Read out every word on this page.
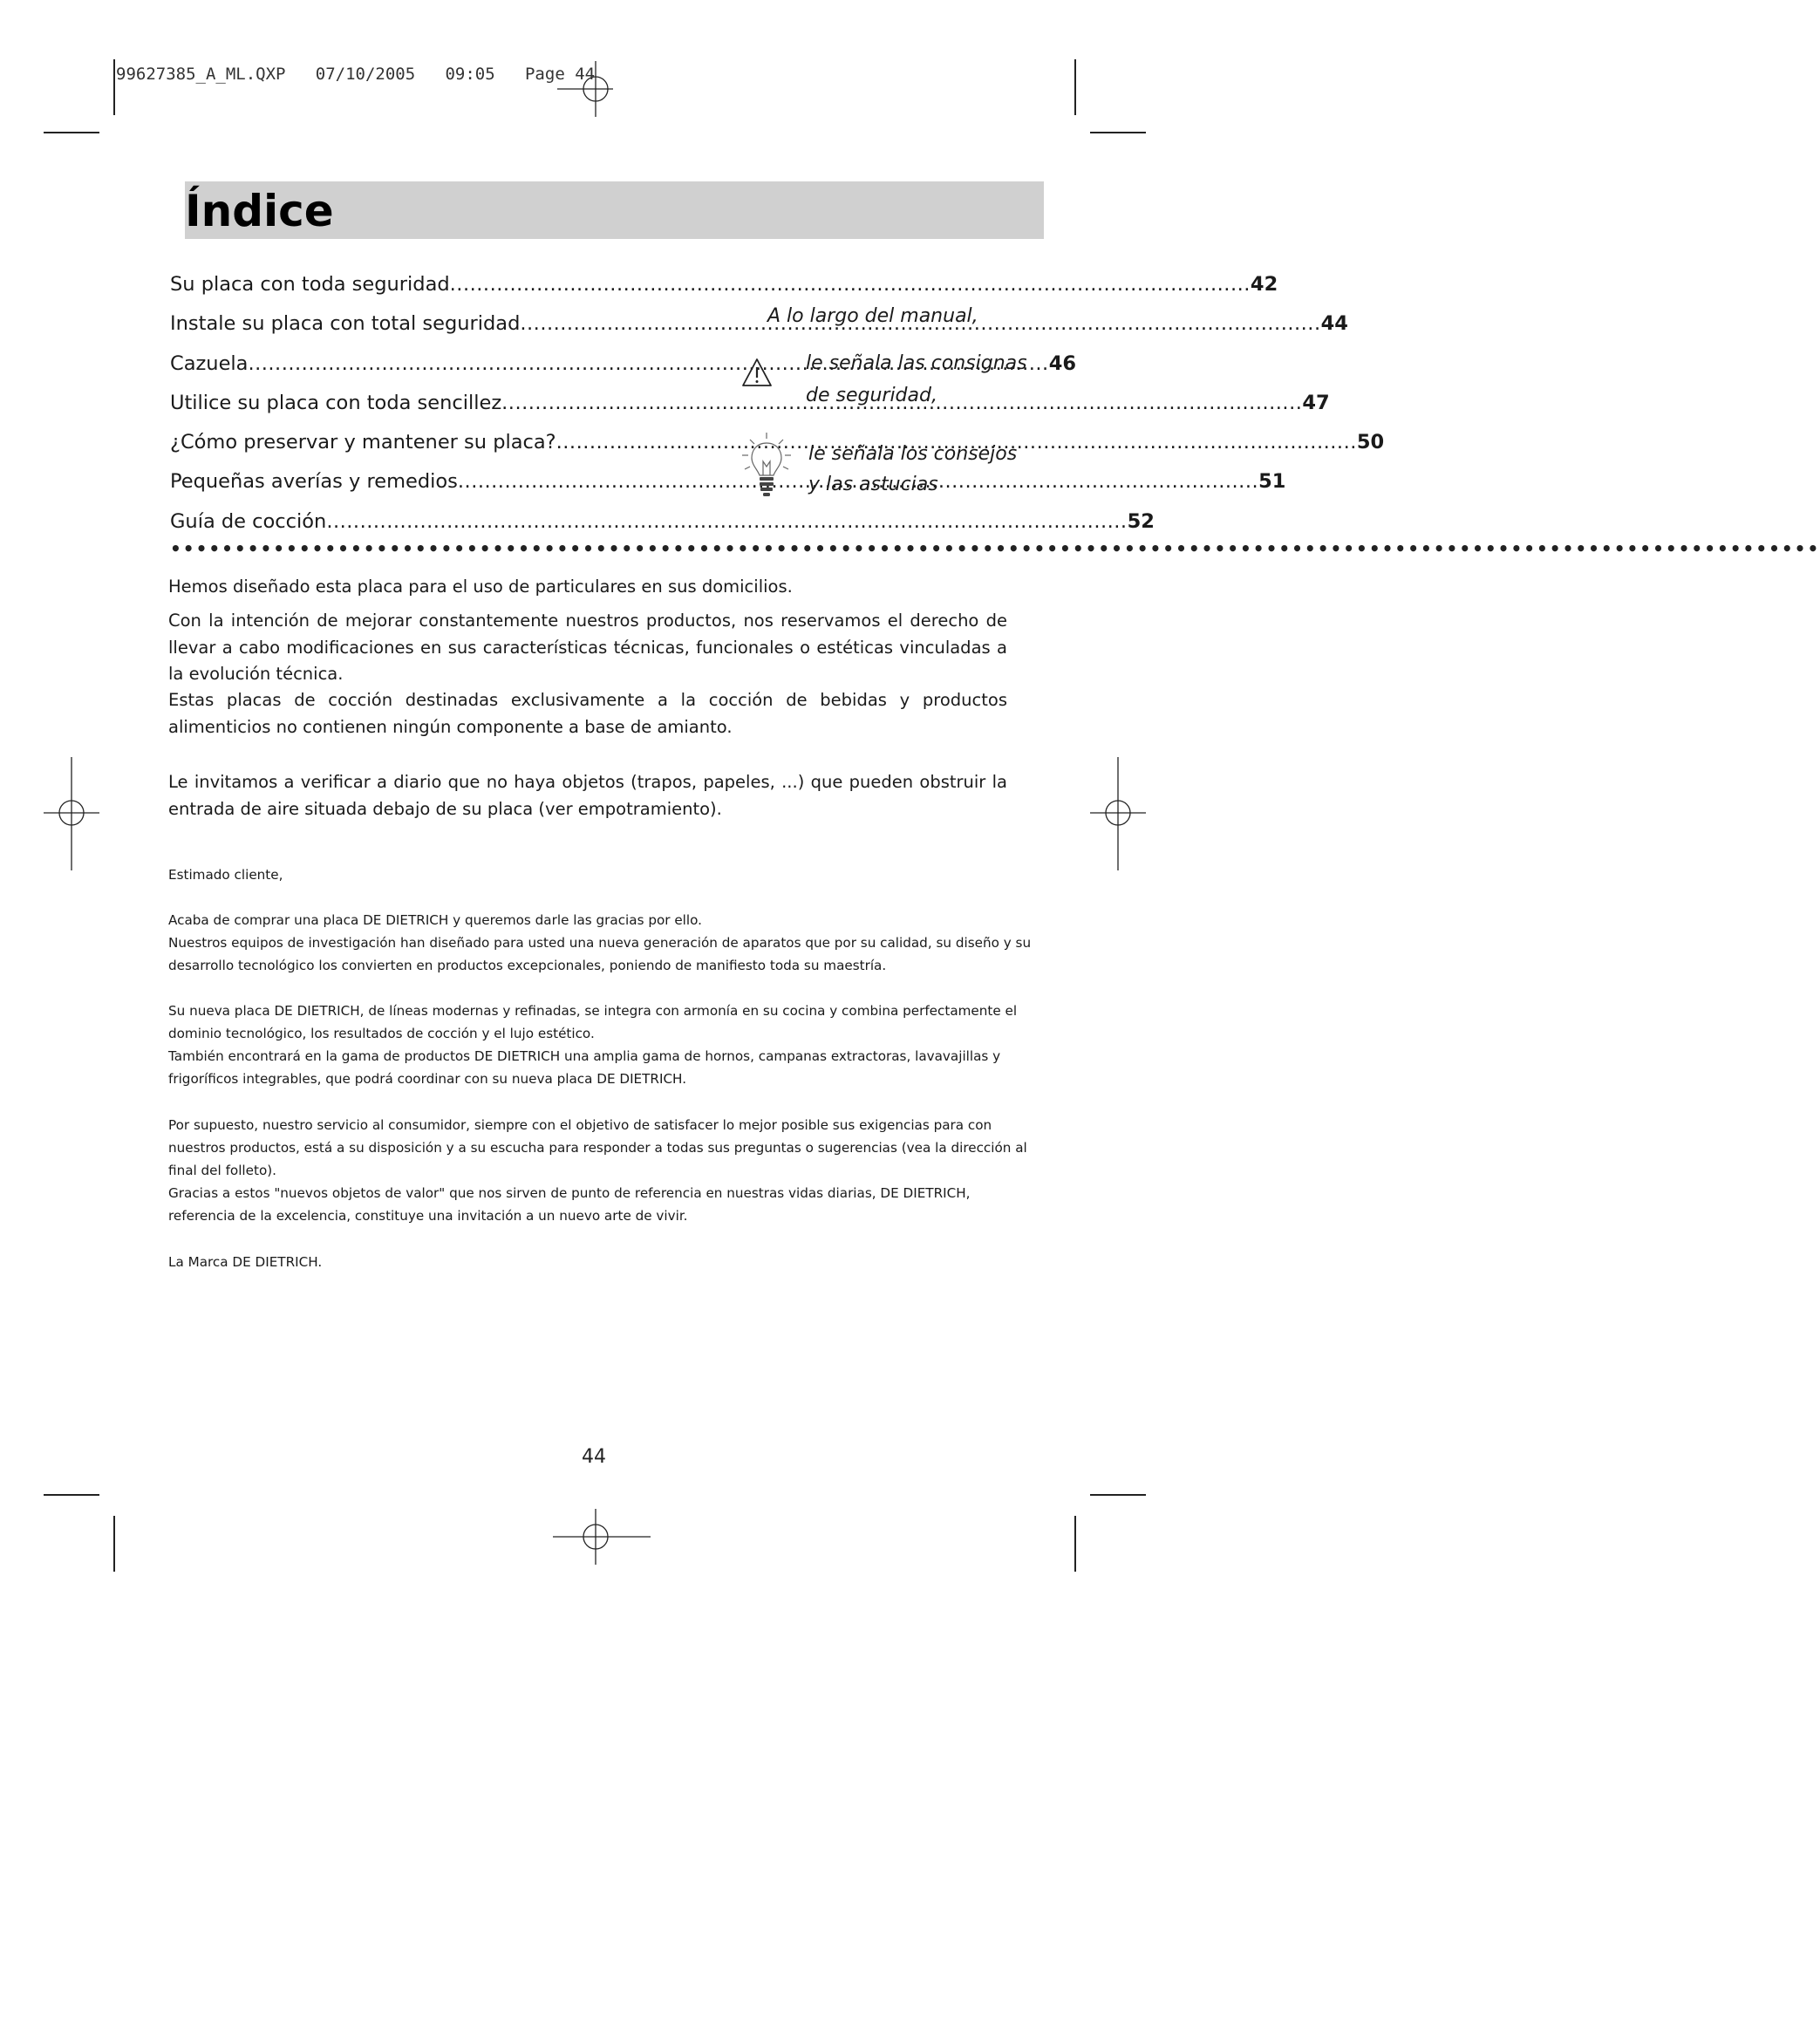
99627385_A_ML.QXP   07/10/2005   09:05   Page 44
Índice
Su placa con toda seguridad .....	42
Instale su placa con total seguridad .....	44
Cazuela .....	46
Utilice su placa con toda sencillez .....	47
¿Cómo preservar y mantener su placa? .....	50
Pequeñas averías y remedios .....	51
Guía de cocción .....	52
A lo largo del manual,
le señala las consignas
de seguridad,
le señala los consejos
y las astucias
••••••••••••••••••••••••••••••••••••••••••••••••••••••••••••••••••••••••••••••••••••••••••••••••••••••••••••••••••••••••••••••••

Hemos diseñado esta placa para el uso de particulares en sus domicilios.

Con la intención de mejorar constantemente nuestros productos, nos reservamos el derecho de llevar a cabo modificaciones en sus características técnicas, funcionales o estéticas vinculadas a la evolución técnica.

Estas placas de cocción destinadas exclusivamente a la cocción de bebidas y productos alimenticios no contienen ningún componente a base de amianto.

Le invitamos a verificar a diario que no haya objetos (trapos, papeles, ...) que pueden obstruir la entrada de aire situada debajo de su placa (ver empotramiento).

Estimado cliente,

Acaba de comprar una placa DE DIETRICH y queremos darle las gracias por ello.

Nuestros equipos de investigación han diseñado para usted una nueva generación de aparatos que por su calidad, su diseño y su desarrollo tecnológico los convierten en productos excepcionales, poniendo de manifiesto toda su maestría.

Su nueva placa DE DIETRICH, de líneas modernas y refinadas, se integra con armonía en su cocina y combina perfectamente el dominio tecnológico, los resultados de cocción y el lujo estético.

También encontrará en la gama de productos DE DIETRICH una amplia gama de hornos, campanas extractoras, lavavajillas y frigoríficos integrables, que podrá coordinar con su nueva placa DE DIETRICH.

Por supuesto, nuestro servicio al consumidor, siempre con el objetivo de satisfacer lo mejor posible sus exigencias para con nuestros productos, está a su disposición y a su escucha para responder a todas sus preguntas o sugerencias (vea la dirección al final del folleto).

Gracias a estos "nuevos objetos de valor" que nos sirven de punto de referencia en nuestras vidas diarias, DE DIETRICH, referencia de la excelencia, constituye una invitación a un nuevo arte de vivir.

La Marca DE DIETRICH.

44
